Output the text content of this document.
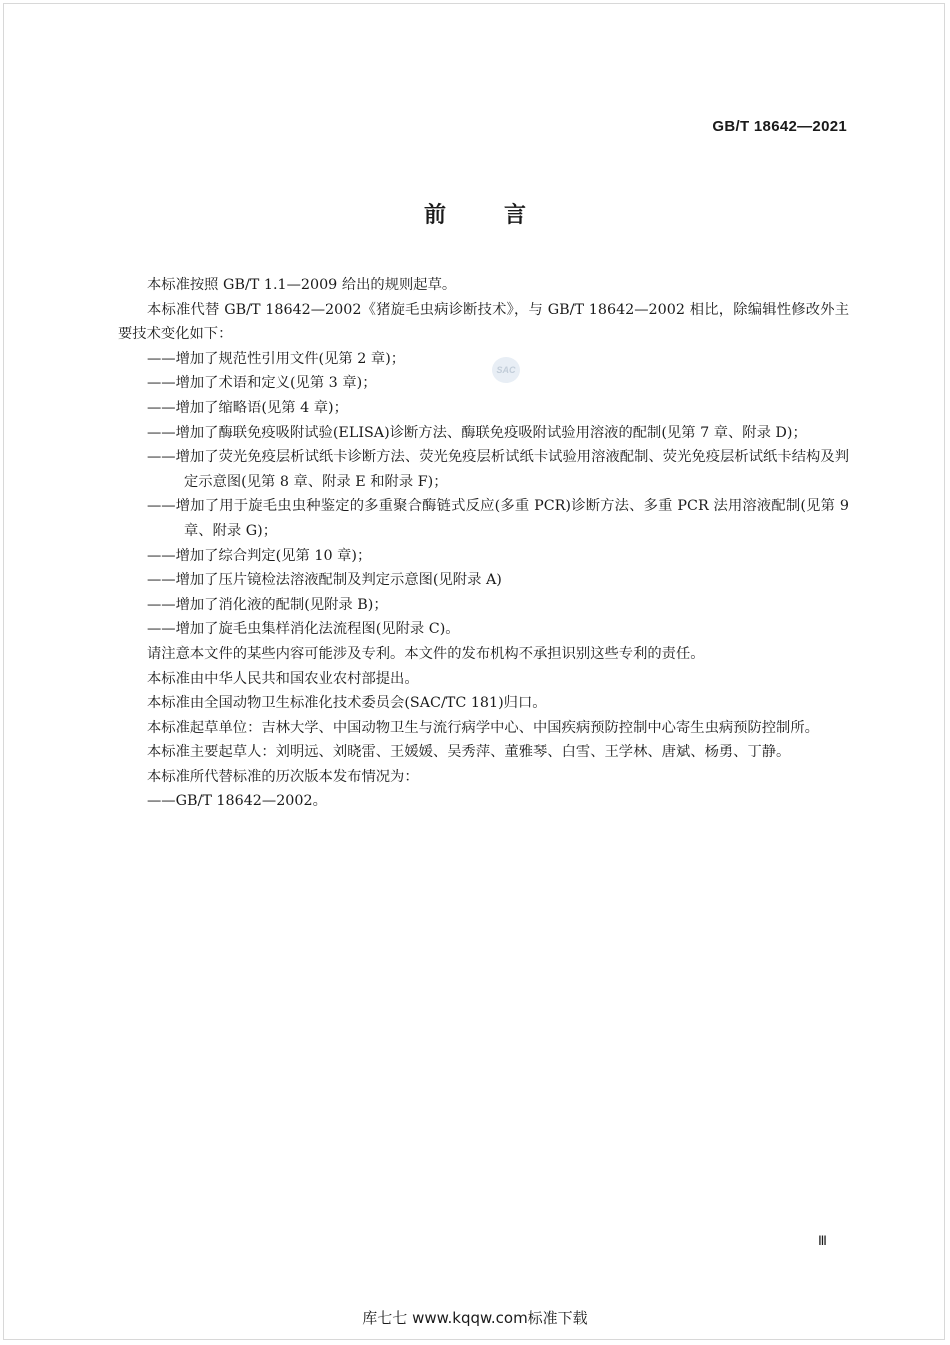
GB/T 18642—2021
前言
SAC

本标准按照 GB/T 1.1—2009 给出的规则起草。

本标准代替 GB/T 18642—2002《猪旋毛虫病诊断技术》，与 GB/T 18642—2002 相比，除编辑性修改外主要技术变化如下：

——增加了规范性引用文件(见第 2 章)；

——增加了术语和定义(见第 3 章)；

——增加了缩略语(见第 4 章)；

——增加了酶联免疫吸附试验(ELISA)诊断方法、酶联免疫吸附试验用溶液的配制(见第 7 章、附录 D)；

——增加了荧光免疫层析试纸卡诊断方法、荧光免疫层析试纸卡试验用溶液配制、荧光免疫层析试纸卡结构及判定示意图(见第 8 章、附录 E 和附录 F)；

——增加了用于旋毛虫虫种鉴定的多重聚合酶链式反应(多重 PCR)诊断方法、多重 PCR 法用溶液配制(见第 9 章、附录 G)；

——增加了综合判定(见第 10 章)；

——增加了压片镜检法溶液配制及判定示意图(见附录 A)

——增加了消化液的配制(见附录 B)；

——增加了旋毛虫集样消化法流程图(见附录 C)。

请注意本文件的某些内容可能涉及专利。本文件的发布机构不承担识别这些专利的责任。

本标准由中华人民共和国农业农村部提出。

本标准由全国动物卫生标准化技术委员会(SAC/TC 181)归口。

本标准起草单位：吉林大学、中国动物卫生与流行病学中心、中国疾病预防控制中心寄生虫病预防控制所。

本标准主要起草人：刘明远、刘晓雷、王媛媛、吴秀萍、董雅琴、白雪、王学林、唐斌、杨勇、丁静。

本标准所代替标准的历次版本发布情况为：

——GB/T 18642—2002。

Ⅲ
库七七 www.kqqw.com标准下载
